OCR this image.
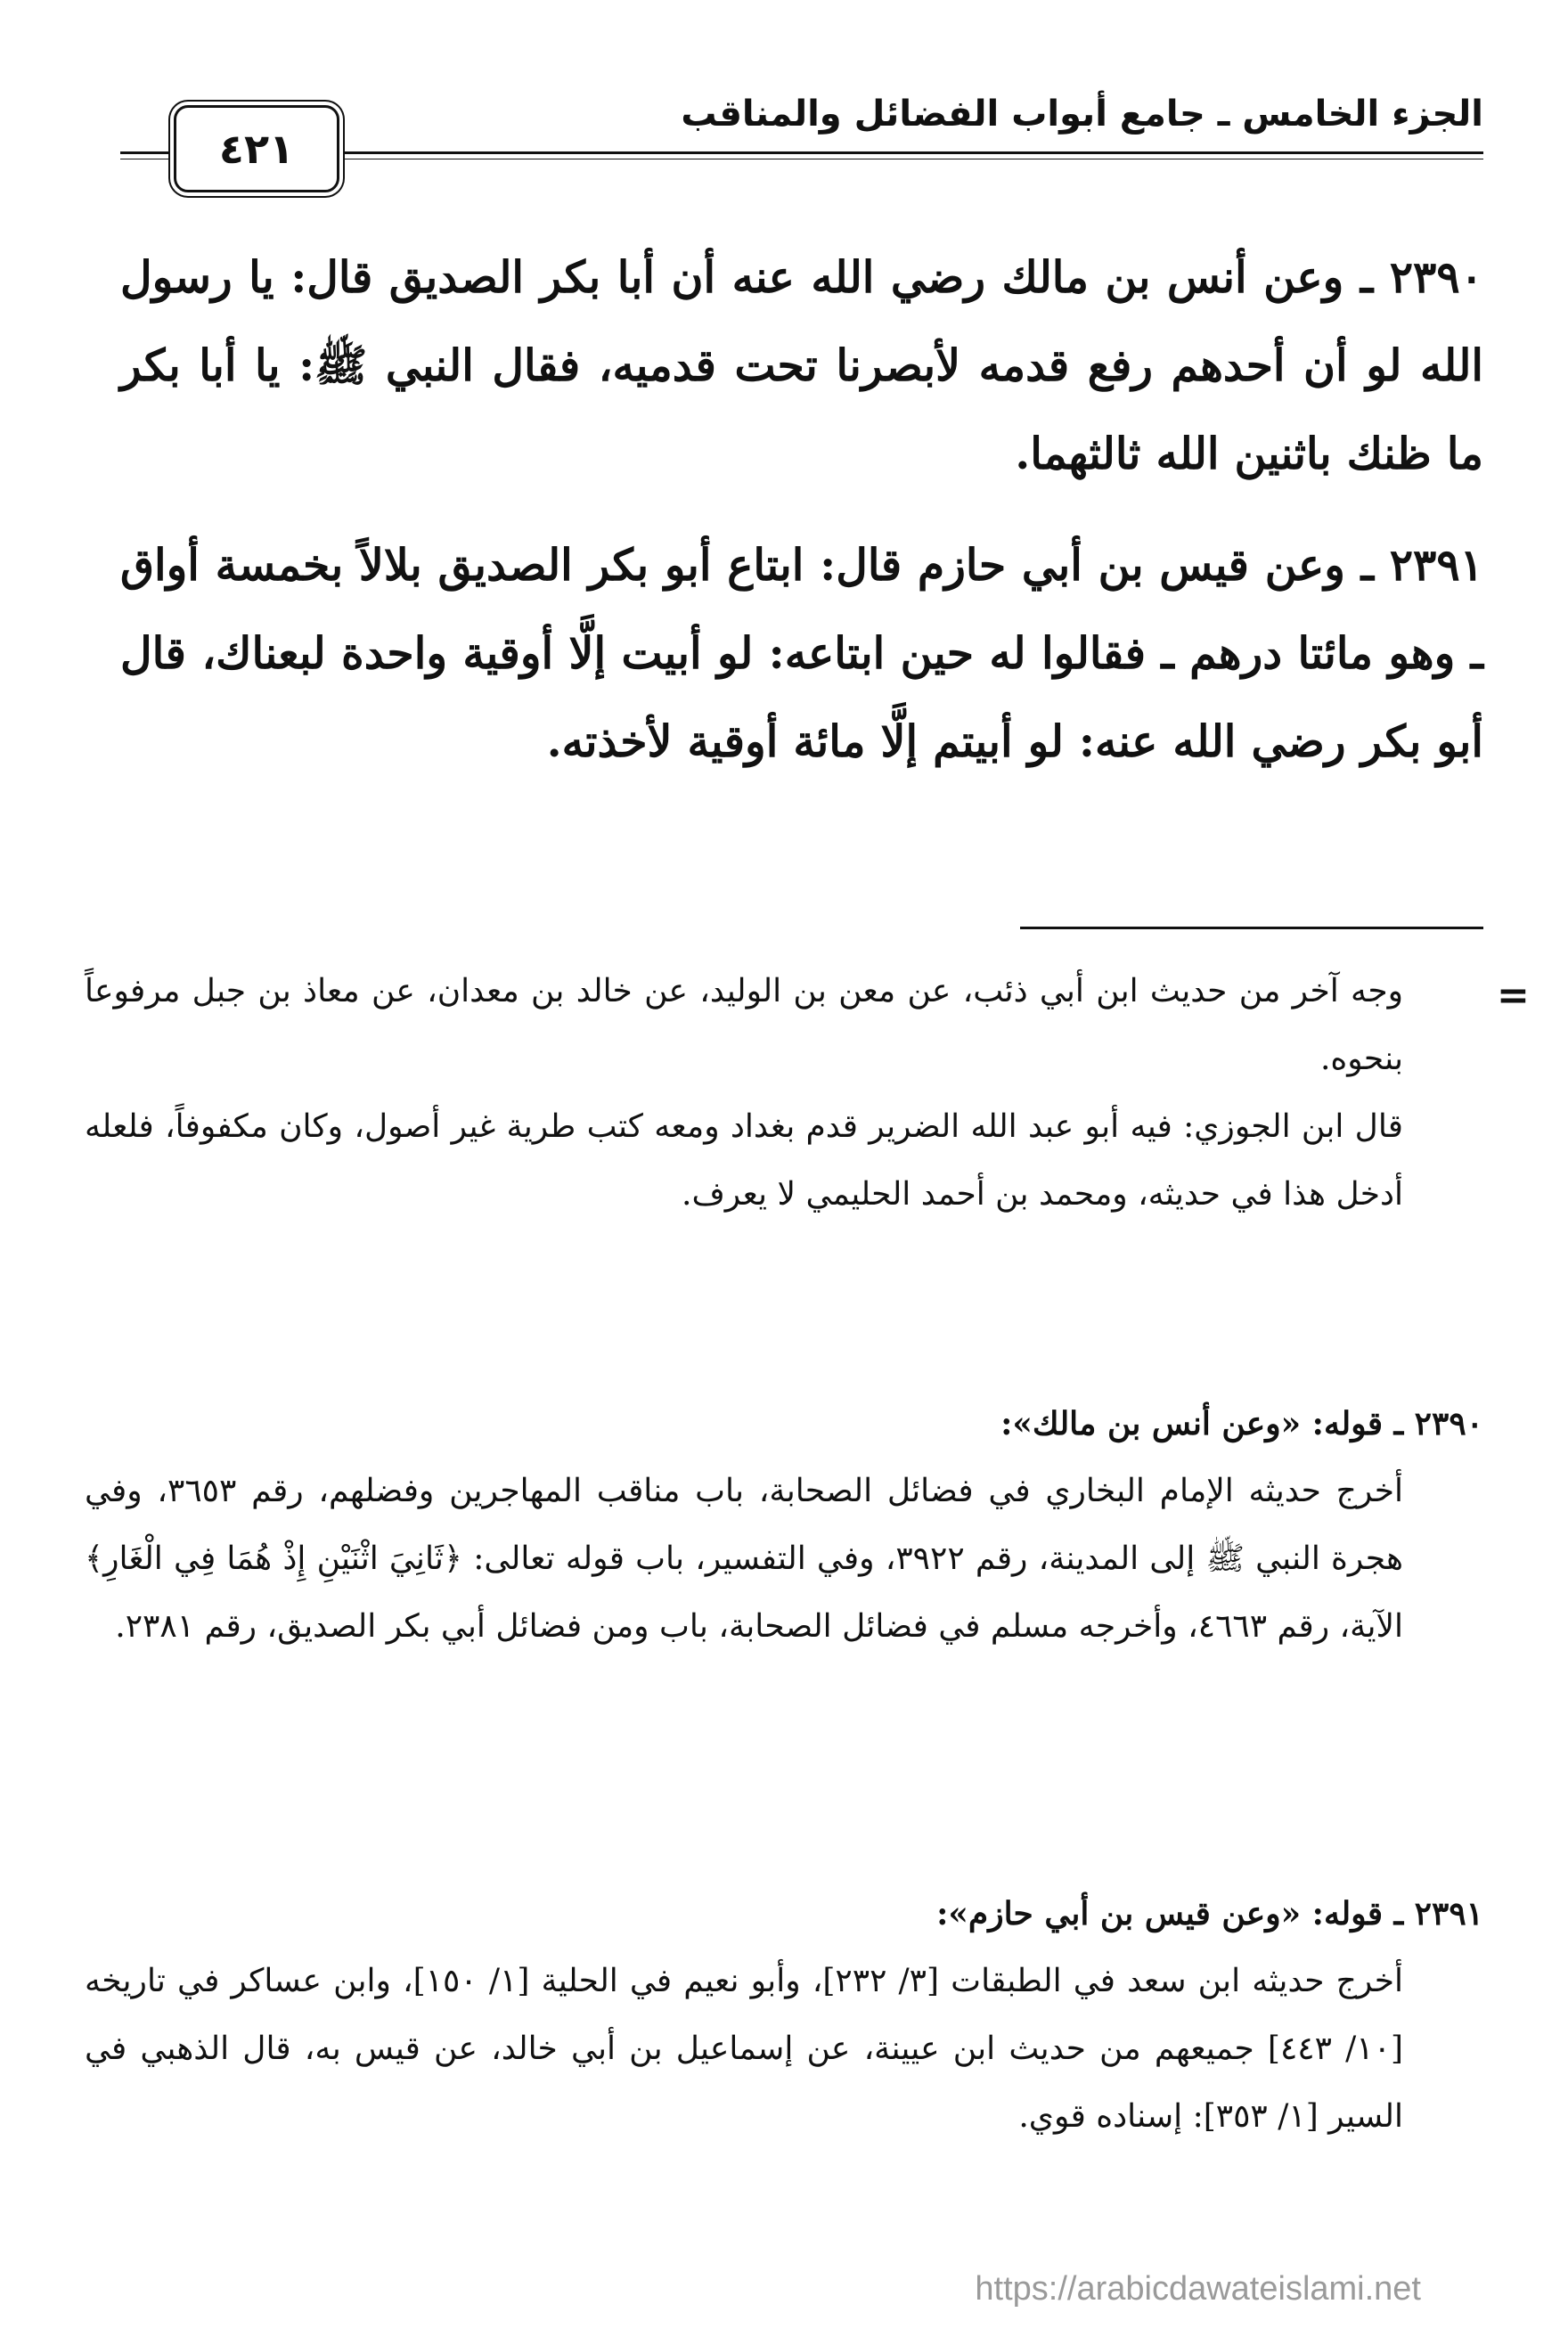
الجزء الخامس ـ جامع أبواب الفضائل والمناقب
٤٢١

٢٣٩٠ ـ وعن أنس بن مالك رضي الله عنه أن أبا بكر الصديق قال: يا رسول الله لو أن أحدهم رفع قدمه لأبصرنا تحت قدميه، فقال النبي ﷺ: يا أبا بكر ما ظنك باثنين الله ثالثهما.

٢٣٩١ ـ وعن قيس بن أبي حازم قال: ابتاع أبو بكر الصديق بلالاً بخمسة أواق ـ وهو مائتا درهم ـ فقالوا له حين ابتاعه: لو أبيت إلَّا أوقية واحدة لبعناك، قال أبو بكر رضي الله عنه: لو أبيتم إلَّا مائة أوقية لأخذته.

=

وجه آخر من حديث ابن أبي ذئب، عن معن بن الوليد، عن خالد بن معدان، عن معاذ بن جبل مرفوعاً بنحوه.

قال ابن الجوزي: فيه أبو عبد الله الضرير قدم بغداد ومعه كتب طرية غير أصول، وكان مكفوفاً، فلعله أدخل هذا في حديثه، ومحمد بن أحمد الحليمي لا يعرف.

٢٣٩٠ ـ قوله: «وعن أنس بن مالك»:

أخرج حديثه الإمام البخاري في فضائل الصحابة، باب مناقب المهاجرين وفضلهم، رقم ٣٦٥٣، وفي هجرة النبي ﷺ إلى المدينة، رقم ٣٩٢٢، وفي التفسير، باب قوله تعالى: ﴿ثَانِيَ اثْنَيْنِ إِذْ هُمَا فِي الْغَارِ﴾ الآية، رقم ٤٦٦٣، وأخرجه مسلم في فضائل الصحابة، باب ومن فضائل أبي بكر الصديق، رقم ٢٣٨١.

٢٣٩١ ـ قوله: «وعن قيس بن أبي حازم»:

أخرج حديثه ابن سعد في الطبقات [٣/ ٢٣٢]، وأبو نعيم في الحلية [١/ ١٥٠]، وابن عساكر في تاريخه [١٠/ ٤٤٣] جميعهم من حديث ابن عيينة، عن إسماعيل بن أبي خالد، عن قيس به، قال الذهبي في السير [١/ ٣٥٣]: إسناده قوي.

https://arabicdawateislami.net
